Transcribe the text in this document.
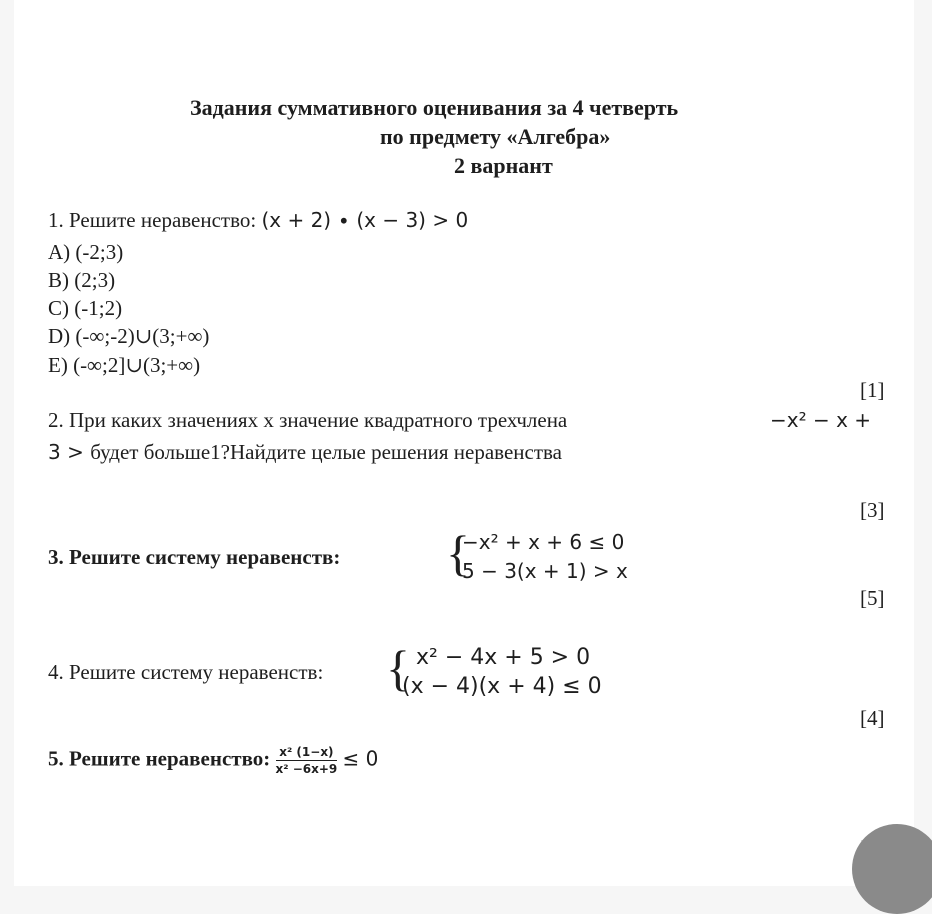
Задания суммативного оценивания за 4 четверть
по предмету «Алгебра»
2 варнант
1. Решите неравенство: (x + 2) ∙ (x − 3) > 0
A) (-2;3)
B) (2;3)
C) (-1;2)
D) (-∞;-2)∪(3;+∞)
E) (-∞;2]∪(3;+∞)
[1]
2. При каких значениях x значение квадратного трехчлена	−x² − x +
3 > будет больше1?Найдите целые решения неравенства
[3]
3. Решите систему неравенств: {
−x² + x + 6 ≤ 0
5 − 3(x + 1) > x
[5]
4. Решите систему неравенств: { x² − 4x + 5 > 0
(x − 4)(x + 4) ≤ 0
[4]
5. Решите неравенство: $\frac{\text{x² (1−x)}}{\text{x² −6x+9}} \le 0$
